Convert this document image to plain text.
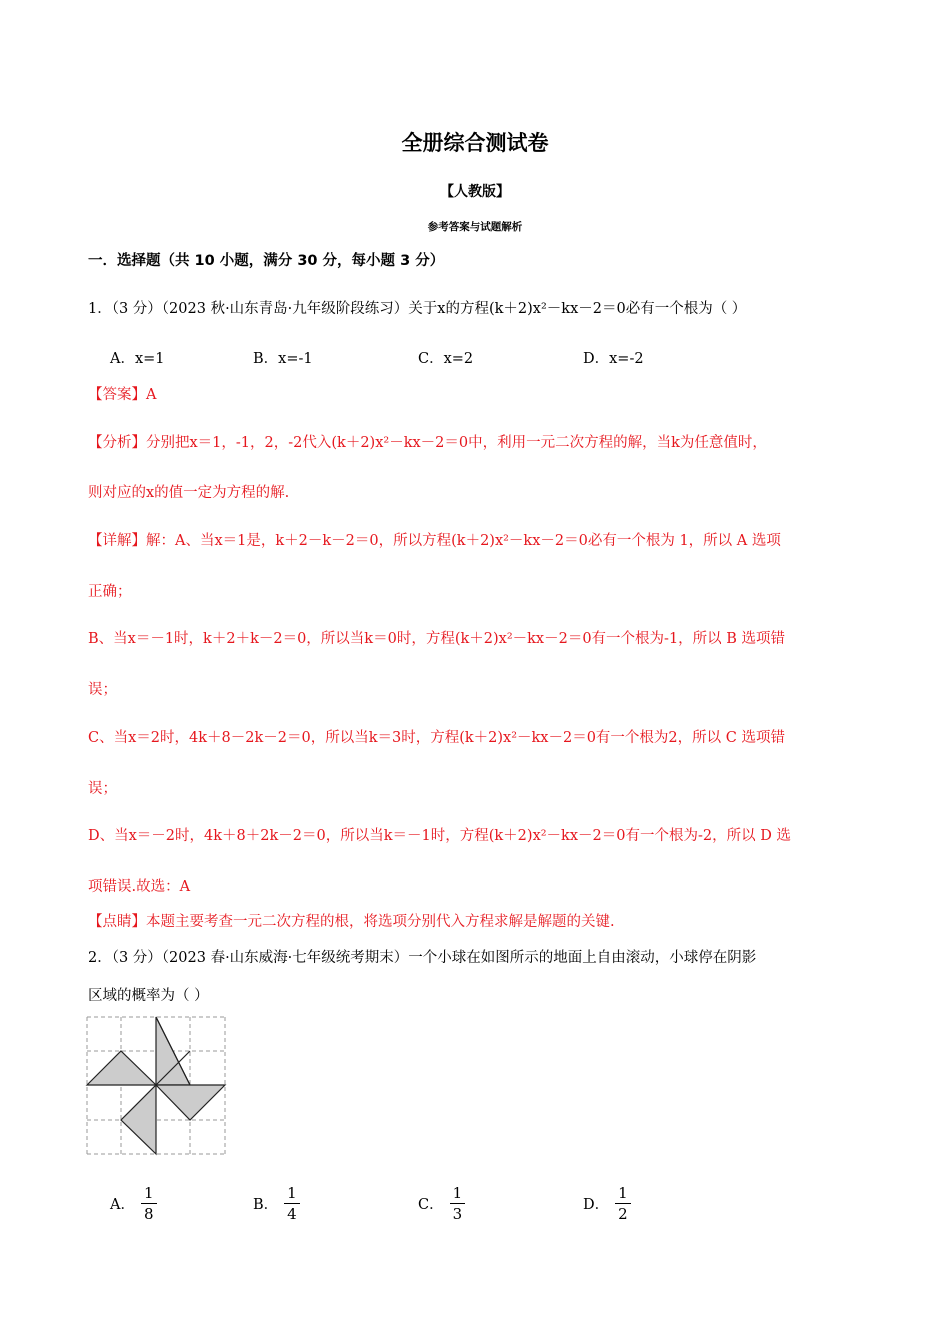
全册综合测试卷
【人教版】
参考答案与试题解析
一．选择题（共 10 小题，满分 30 分，每小题 3 分）
1．（3 分）（2023 秋·山东青岛·九年级阶段练习）关于x的方程(k＋2)x²－kx－2＝0必有一个根为（ ）
A．x=1	B．x=-1	C．x=2	D．x=-2
【答案】A
【分析】分别把x＝1，-1，2，-2代入(k＋2)x²－kx－2＝0中，利用一元二次方程的解，当k为任意值时，
则对应的x的值一定为方程的解.
【详解】解：A、当x＝1是，k＋2－k－2＝0，所以方程(k＋2)x²－kx－2＝0必有一个根为 1，所以 A 选项
正确；
B、当x＝－1时，k＋2＋k－2＝0，所以当k＝0时，方程(k＋2)x²－kx－2＝0有一个根为-1，所以 B 选项错
误；
C、当x＝2时，4k＋8－2k－2＝0，所以当k＝3时，方程(k＋2)x²－kx－2＝0有一个根为2，所以 C 选项错
误；
D、当x＝－2时，4k＋8＋2k－2＝0，所以当k＝－1时，方程(k＋2)x²－kx－2＝0有一个根为-2，所以 D 选
项错误.故选：A
【点睛】本题主要考查一元二次方程的根，将选项分别代入方程求解是解题的关键.
2．（3 分）（2023 春·山东威海·七年级统考期末）一个小球在如图所示的地面上自由滚动，小球停在阴影
区域的概率为（ ）
A． $\frac{1}{8}$	B． $\frac{1}{4}$	C． $\frac{1}{3}$	D． $\frac{1}{2}$
